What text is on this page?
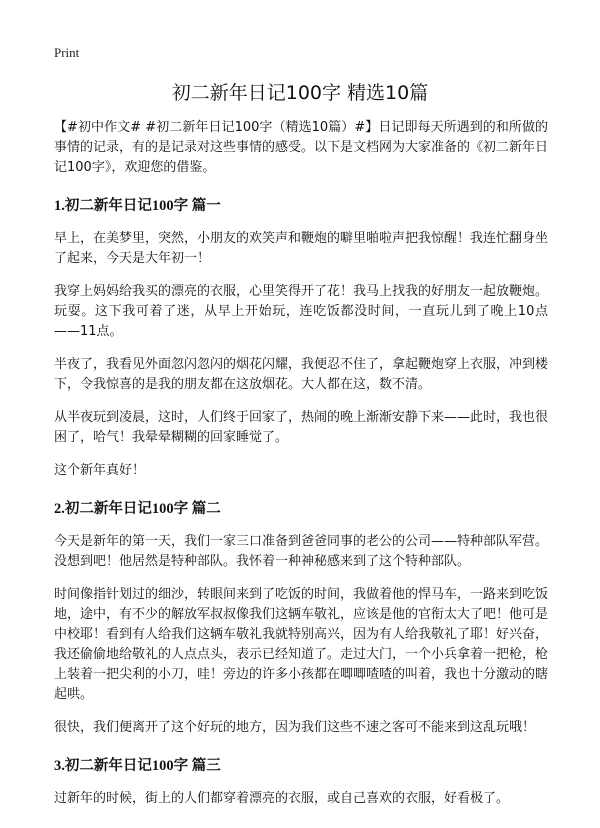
Print
初二新年日记100字 精选10篇

【#初中作文# #初二新年日记100字（精选10篇）#】日记即每天所遇到的和所做的事情的记录，有的是记录对这些事情的感受。以下是文档网为大家准备的《初二新年日记100字》，欢迎您的借鉴。

1.初二新年日记100字 篇一

早上，在美梦里，突然，小朋友的欢笑声和鞭炮的噼里啪啦声把我惊醒！我连忙翻身坐了起来，今天是大年初一！

我穿上妈妈给我买的漂亮的衣服，心里笑得开了花！我马上找我的好朋友一起放鞭炮。玩耍。这下我可着了迷，从早上开始玩，连吃饭都没时间，一直玩儿到了晚上10点——11点。

半夜了，我看见外面忽闪忽闪的烟花闪耀，我便忍不住了，拿起鞭炮穿上衣服，冲到楼下，令我惊喜的是我的朋友都在这放烟花。大人都在这，数不清。

从半夜玩到凌晨，这时，人们终于回家了，热闹的晚上渐渐安静下来——此时，我也很困了，哈气！我晕晕糊糊的回家睡觉了。

这个新年真好！

2.初二新年日记100字 篇二

今天是新年的第一天，我们一家三口准备到爸爸同事的老公的公司——特种部队军营。没想到吧！他居然是特种部队。我怀着一种神秘感来到了这个特种部队。

时间像指针划过的细沙，转眼间来到了吃饭的时间，我做着他的悍马车，一路来到吃饭地，途中，有不少的解放军叔叔像我们这辆车敬礼，应该是他的官衔太大了吧！他可是中校耶！看到有人给我们这辆车敬礼我就特别高兴，因为有人给我敬礼了耶！好兴奋，我还偷偷地给敬礼的人点点头，表示已经知道了。走过大门，一个小兵拿着一把枪，枪上装着一把尖利的小刀，哇！旁边的许多小孩都在唧唧喳喳的叫着，我也十分激动的瞎起哄。

很快，我们便离开了这个好玩的地方，因为我们这些不速之客可不能来到这乱玩哦！

3.初二新年日记100字 篇三

过新年的时候，街上的人们都穿着漂亮的衣服，或自己喜欢的衣服，好看极了。
